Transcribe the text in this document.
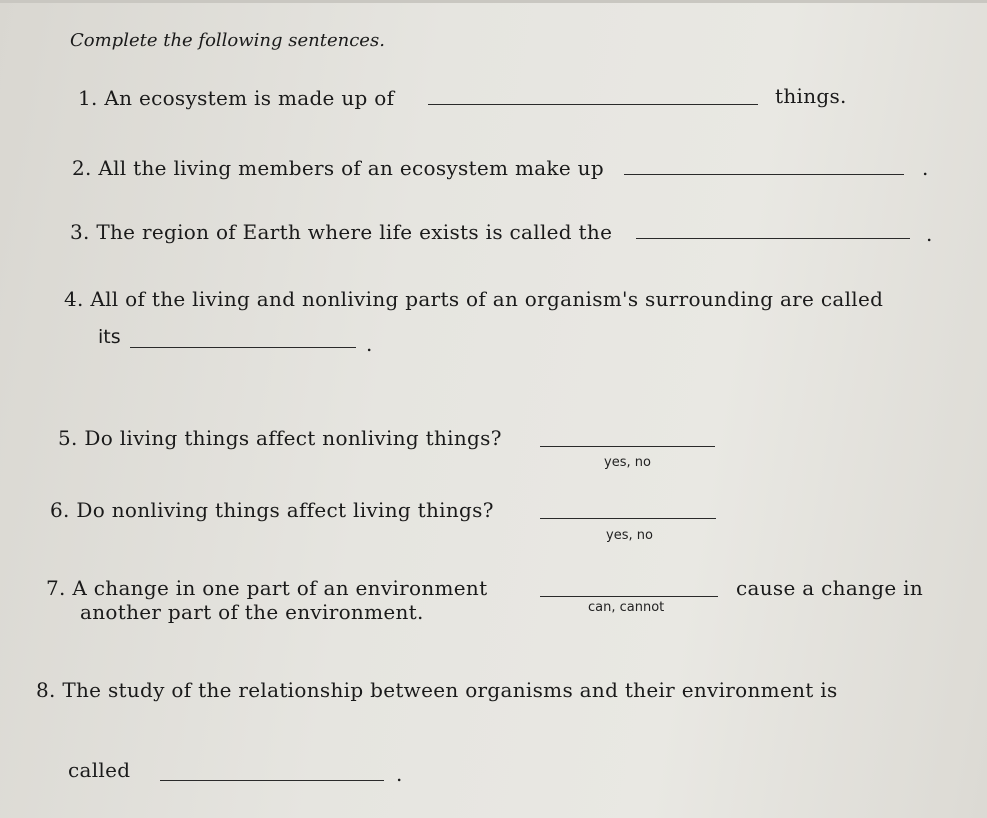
Complete the following sentences.
1. An ecosystem is made up of	things.
2. All the living members of an ecosystem make up	.
3. The region of Earth where life exists is called the	.
4. All of the living and nonliving parts of an organism's surrounding are called
its	.
5. Do living things affect nonliving things?
yes, no
6. Do nonliving things affect living things?
yes, no
7. A change in one part of an environment	cause a change in
another part of the environment.	can, cannot
8. The study of the relationship between organisms and their environment is
called	.
